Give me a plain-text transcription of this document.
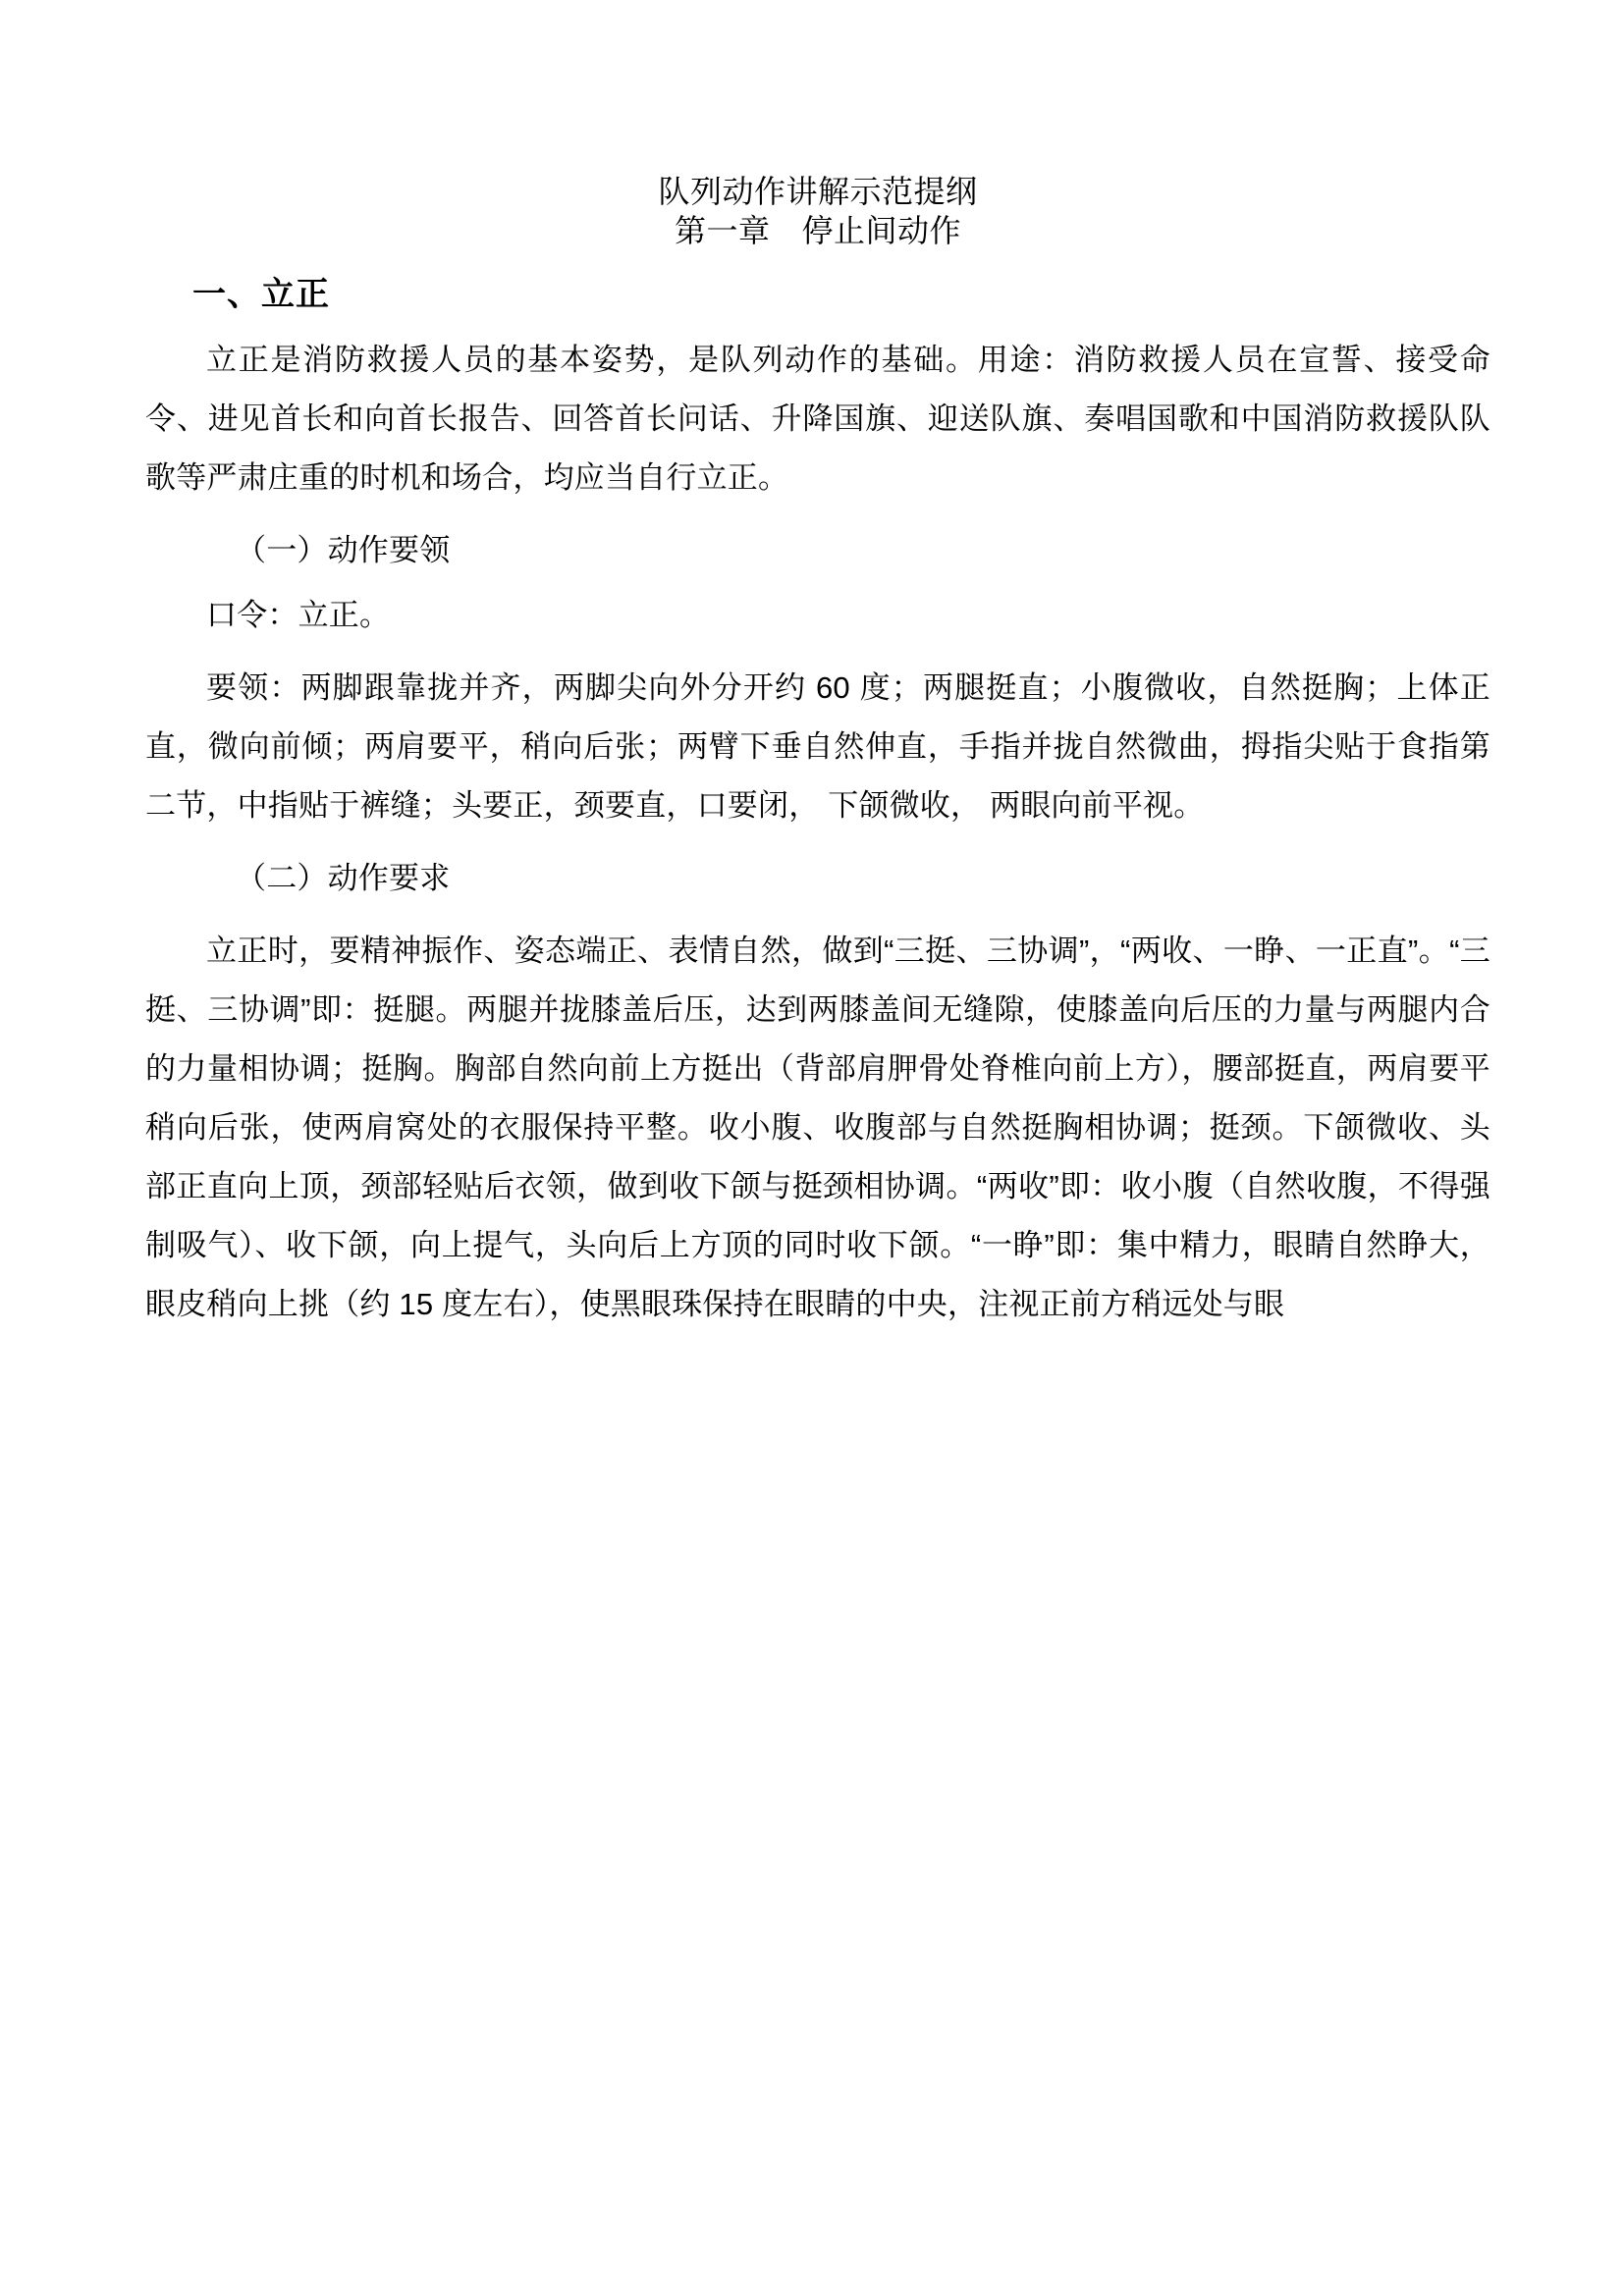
队列动作讲解示范提纲
第一章 停止间动作
一、立正

立正是消防救援人员的基本姿势，是队列动作的基础。用途：消防救援人员在宣誓、接受命令、进见首长和向首长报告、回答首长问话、升降国旗、迎送队旗、奏唱国歌和中国消防救援队队歌等严肃庄重的时机和场合，均应当自行立正。

（一）动作要领

口令：立正。

要领：两脚跟靠拢并齐，两脚尖向外分开约 60 度；两腿挺直；小腹微收，自然挺胸；上体正直，微向前倾；两肩要平，稍向后张；两臂下垂自然伸直，手指并拢自然微曲，拇指尖贴于食指第二节，中指贴于裤缝；头要正，颈要直，口要闭， 下颌微收， 两眼向前平视。

（二）动作要求

立正时，要精神振作、姿态端正、表情自然，做到“三挺、三协调”，“两收、一睁、一正直”。“三挺、三协调”即：挺腿。两腿并拢膝盖后压，达到两膝盖间无缝隙，使膝盖向后压的力量与两腿内合的力量相协调；挺胸。胸部自然向前上方挺出（背部肩胛骨处脊椎向前上方），腰部挺直，两肩要平稍向后张，使两肩窝处的衣服保持平整。收小腹、收腹部与自然挺胸相协调；挺颈。下颌微收、头部正直向上顶，颈部轻贴后衣领，做到收下颌与挺颈相协调。“两收”即：收小腹（自然收腹，不得强制吸气）、收下颌，向上提气，头向后上方顶的同时收下颌。“一睁”即：集中精力，眼睛自然睁大，眼皮稍向上挑（约 15 度左右），使黑眼珠保持在眼睛的中央，注视正前方稍远处与眼
